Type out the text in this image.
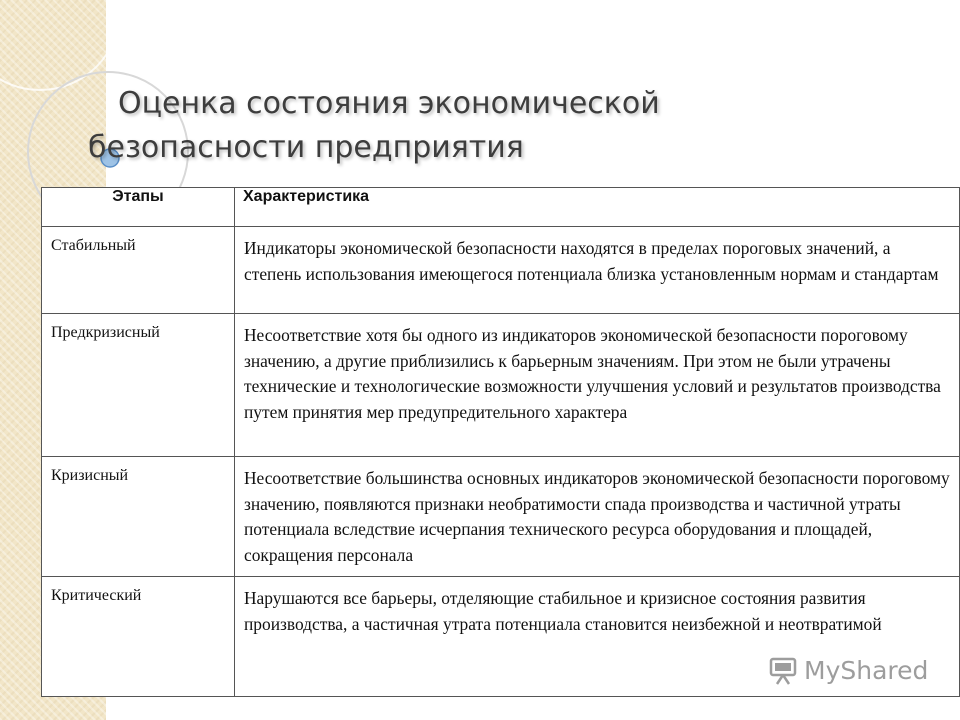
Оценка состояния экономической
безопасности предприятия
Этапы	Характеристика
Стабильный	Индикаторы экономической безопасности находятся в пределах пороговых значений, а степень использования имеющегося потенциала близка установленным нормам и стандартам
Предкризисный	Несоответствие хотя бы одного из индикаторов экономической безопасности пороговому значению, а другие приблизились к барьерным значениям. При этом не были утрачены технические и технологические возможности улучшения условий и результатов производства путем принятия мер предупредительного характера
Кризисный	Несоответствие большинства основных индикаторов экономической безопасности пороговому значению, появляются признаки необратимости спада производства и частичной утраты потенциала вследствие исчерпания технического ресурса оборудования и площадей, сокращения персонала
Критический	Нарушаются все барьеры, отделяющие стабильное и кризисное состояния развития производства, а частичная утрата потенциала становится неизбежной и неотвратимой
MyShared
